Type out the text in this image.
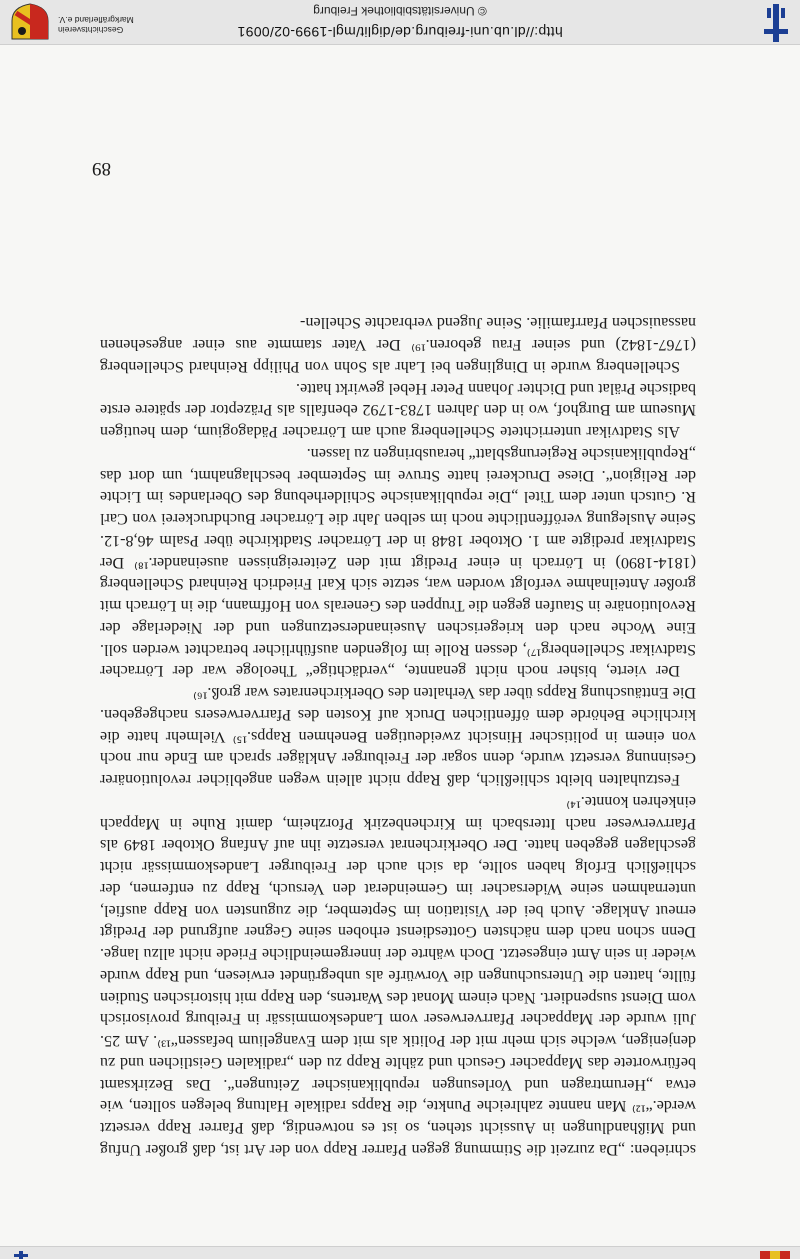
schrieben: „Da zurzeit die Stimmung gegen Pfarrer Rapp von der Art ist, daß großer Unfug und Mißhandlungen in Aussicht stehen, so ist es notwendig, daß Pfarrer Rapp versetzt werde.“¹²⁾ Man nannte zahlreiche Punkte, die Rapps radikale Haltung belegen sollten, wie etwa „Herumtragen und Vorlesungen republikanischer Zeitungen“. Das Bezirksamt befürwortete das Mappacher Gesuch und zählte Rapp zu den „radikalen Geistlichen und zu denjenigen, welche sich mehr mit der Politik als mit dem Evangelium befassen“¹³⁾. Am 25. Juli wurde der Mappacher Pfarrverweser vom Landeskommissär in Freiburg provisorisch vom Dienst suspendiert. Nach einem Monat des Wartens, den Rapp mit historischen Studien füllte, hatten die Untersuchungen die Vorwürfe als unbegründet erwiesen, und Rapp wurde wieder in sein Amt eingesetzt. Doch währte der innergemeindliche Friede nicht allzu lange. Denn schon nach dem nächsten Gottesdienst erhoben seine Gegner aufgrund der Predigt erneut Anklage. Auch bei der Visitation im September, die zugunsten von Rapp ausfiel, unternahmen seine Widersacher im Gemeinderat den Versuch, Rapp zu entfernen, der schließlich Erfolg haben sollte, da sich auch der Freiburger Landeskommissär nicht geschlagen gegeben hatte. Der Oberkirchenrat versetzte ihn auf Anfang Oktober 1849 als Pfarrverweser nach Ittersbach im Kirchenbezirk Pforzheim, damit Ruhe in Mappach einkehren konnte.¹⁴⁾

Festzuhalten bleibt schließlich, daß Rapp nicht allein wegen angeblicher revolutionärer Gesinnung versetzt wurde, denn sogar der Freiburger Ankläger sprach am Ende nur noch von einem in politischer Hinsicht zweideutigen Benehmen Rapps.¹⁵⁾ Vielmehr hatte die kirchliche Behörde dem öffentlichen Druck auf Kosten des Pfarrverwesers nachgegeben. Die Enttäuschung Rapps über das Verhalten des Oberkirchenrates war groß.¹⁶⁾

Der vierte, bisher noch nicht genannte, „verdächtige“ Theologe war der Lörracher Stadtvikar Schellenberg¹⁷⁾, dessen Rolle im folgenden ausführlicher betrachtet werden soll. Eine Woche nach den kriegerischen Auseinandersetzungen und der Niederlage der Revolutionäre in Staufen gegen die Truppen des Generals von Hoffmann, die in Lörrach mit großer Anteilnahme verfolgt worden war, setzte sich Karl Friedrich Reinhard Schellenberg (1814-1890) in Lörrach in einer Predigt mit den Zeitereignissen auseinander.¹⁸⁾ Der Stadtvikar predigte am 1. Oktober 1848 in der Lörracher Stadtkirche über Psalm 46,8-12. Seine Auslegung veröffentlichte noch im selben Jahr die Lörracher Buchdruckerei von Carl R. Gutsch unter dem Titel „Die republikanische Schilderhebung des Oberlandes im Lichte der Religion“. Diese Druckerei hatte Struve im September beschlagnahmt, um dort das „Republikanische Regierungsblatt“ herausbringen zu lassen.

Als Stadtvikar unterrichtete Schellenberg auch am Lörracher Pädagogium, dem heutigen Museum am Burghof, wo in den Jahren 1783-1792 ebenfalls als Präzeptor der spätere erste badische Prälat und Dichter Johann Peter Hebel gewirkt hatte.

Schellenberg wurde in Dinglingen bei Lahr als Sohn von Philipp Reinhard Schellenberg (1767-1842) und seiner Frau geboren.¹⁹⁾ Der Vater stammte aus einer angesehenen nassauischen Pfarrfamilie. Seine Jugend verbrachte Schellen-

89
http://dl.ub.uni-freiburg.de/diglit/mgl-1999-02/0091
© Universitätsbibliothek Freiburg
Geschichtsverein
Markgräflerland e.V.
